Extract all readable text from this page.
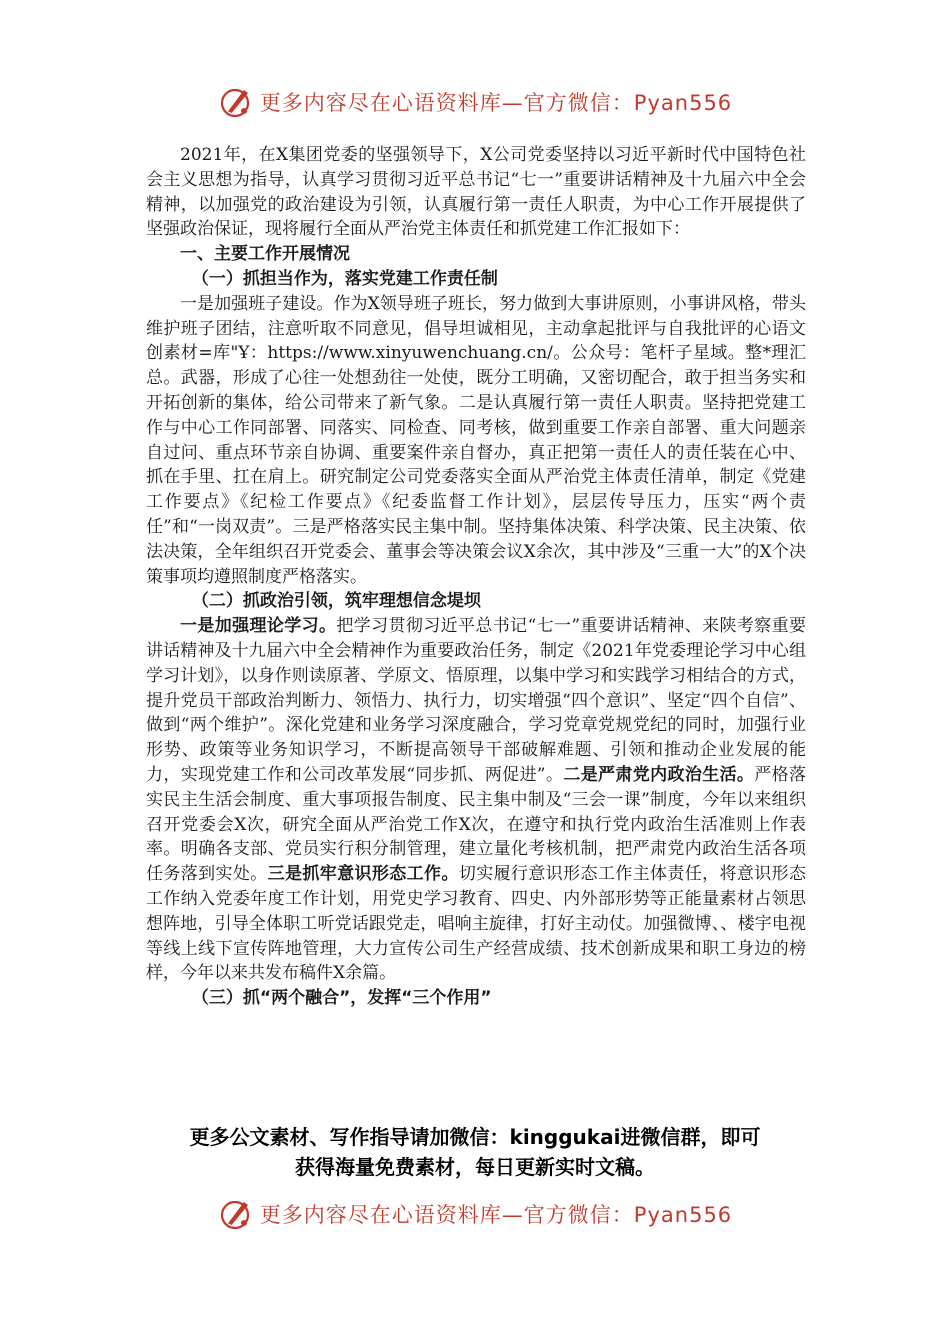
更多内容尽在心语资料库—官方微信：Pyan556

2021年，在X集团党委的坚强领导下，X公司党委坚持以习近平新时代中国特色社会主义思想为指导，认真学习贯彻习近平总书记“七一”重要讲话精神及十九届六中全会精神，以加强党的政治建设为引领，认真履行第一责任人职责，为中心工作开展提供了坚强政治保证，现将履行全面从严治党主体责任和抓党建工作汇报如下：

一、主要工作开展情况
（一）抓担当作为，落实党建工作责任制

一是加强班子建设。作为X领导班子班长，努力做到大事讲原则，小事讲风格，带头维护班子团结，注意听取不同意见，倡导坦诚相见，主动拿起批评与自我批评的心语文创素材=库"Ұ：https://www.xinyuwenchuang.cn/。公众号：笔杆子星域。整*理汇总。武器，形成了心往一处想劲往一处使，既分工明确，又密切配合，敢于担当务实和开拓创新的集体，给公司带来了新气象。二是认真履行第一责任人职责。坚持把党建工作与中心工作同部署、同落实、同检查、同考核，做到重要工作亲自部署、重大问题亲自过问、重点环节亲自协调、重要案件亲自督办，真正把第一责任人的责任装在心中、抓在手里、扛在肩上。研究制定公司党委落实全面从严治党主体责任清单，制定《党建工作要点》《纪检工作要点》《纪委监督工作计划》，层层传导压力，压实“两个责任”和“一岗双责”。三是严格落实民主集中制。坚持集体决策、科学决策、民主决策、依法决策，全年组织召开党委会、董事会等决策会议X余次，其中涉及“三重一大”的X个决策事项均遵照制度严格落实。

（二）抓政治引领，筑牢理想信念堤坝

一是加强理论学习。把学习贯彻习近平总书记“七一”重要讲话精神、来陕考察重要讲话精神及十九届六中全会精神作为重要政治任务，制定《2021年党委理论学习中心组学习计划》，以身作则读原著、学原文、悟原理，以集中学习和实践学习相结合的方式，提升党员干部政治判断力、领悟力、执行力，切实增强“四个意识”、坚定“四个自信”、做到“两个维护”。深化党建和业务学习深度融合，学习党章党规党纪的同时，加强行业形势、政策等业务知识学习，不断提高领导干部破解难题、引领和推动企业发展的能力，实现党建工作和公司改革发展“同步抓、两促进”。二是严肃党内政治生活。严格落实民主生活会制度、重大事项报告制度、民主集中制及“三会一课”制度，今年以来组织召开党委会X次，研究全面从严治党工作X次，在遵守和执行党内政治生活准则上作表率。明确各支部、党员实行积分制管理，建立量化考核机制，把严肃党内政治生活各项任务落到实处。三是抓牢意识形态工作。切实履行意识形态工作主体责任，将意识形态工作纳入党委年度工作计划，用党史学习教育、四史、内外部形势等正能量素材占领思想阵地，引导全体职工听党话跟党走，唱响主旋律，打好主动仗。加强微博、、楼宇电视等线上线下宣传阵地管理，大力宣传公司生产经营成绩、技术创新成果和职工身边的榜样，今年以来共发布稿件X余篇。

（三）抓“两个融合”，发挥“三个作用”
更多公文素材、写作指导请加微信：kinggukai进微信群，即可
获得海量免费素材，每日更新实时文稿。
更多内容尽在心语资料库—官方微信：Pyan556
